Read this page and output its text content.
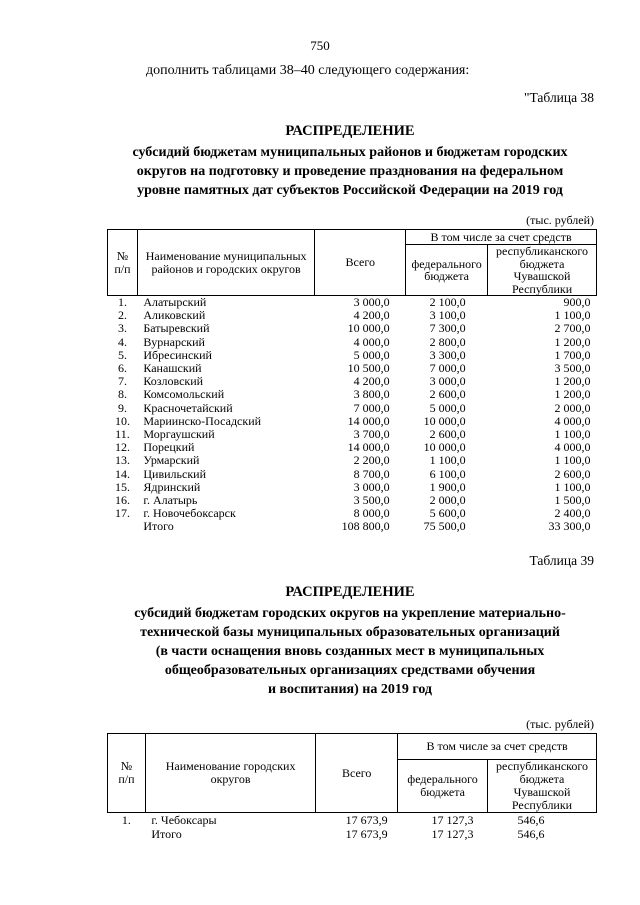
750
дополнить таблицами 38–40 следующего содержания:
"Таблица 38
РАСПРЕДЕЛЕНИЕ
субсидий бюджетам муниципальных районов и бюджетам городских
округов на подготовку и проведение празднования на федеральном
уровне памятных дат субъектов Российской Федерации на 2019 год
(тыс. рублей)
№
п/п	Наименование муниципальных районов и городских округов	Всего	В том числе за счет средств	
			федерального бюджета	республиканского бюджета Чувашской Республики
1.	Алатырский	3 000,0	2 100,0	900,0
2.	Аликовский	4 200,0	3 100,0	1 100,0
3.	Батыревский	10 000,0	7 300,0	2 700,0
4.	Вурнарский	4 000,0	2 800,0	1 200,0
5.	Ибресинский	5 000,0	3 300,0	1 700,0
6.	Канашский	10 500,0	7 000,0	3 500,0
7.	Козловский	4 200,0	3 000,0	1 200,0
8.	Комсомольский	3 800,0	2 600,0	1 200,0
9.	Красночетайский	7 000,0	5 000,0	2 000,0
10.	Мариинско-Посадский	14 000,0	10 000,0	4 000,0
11.	Моргаушский	3 700,0	2 600,0	1 100,0
12.	Порецкий	14 000,0	10 000,0	4 000,0
13.	Урмарский	2 200,0	1 100,0	1 100,0
14.	Цивильский	8 700,0	6 100,0	2 600,0
15.	Ядринский	3 000,0	1 900,0	1 100,0
16.	г. Алатырь	3 500,0	2 000,0	1 500,0
17.	г. Новочебоксарск	8 000,0	5 600,0	2 400,0
	Итого	108 800,0	75 500,0	33 300,0
Таблица 39
РАСПРЕДЕЛЕНИЕ
субсидий бюджетам городских округов на укрепление материально-
технической базы муниципальных образовательных организаций
(в части оснащения вновь созданных мест в муниципальных
общеобразовательных организациях средствами обучения
и воспитания) на 2019 год
(тыс. рублей)
№
п/п	Наименование городских округов	Всего	В том числе за счет средств	
			федерального бюджета	республиканского бюджета Чувашской Республики
1.	г. Чебоксары	17 673,9	17 127,3	546,6
	Итого	17 673,9	17 127,3	546,6
